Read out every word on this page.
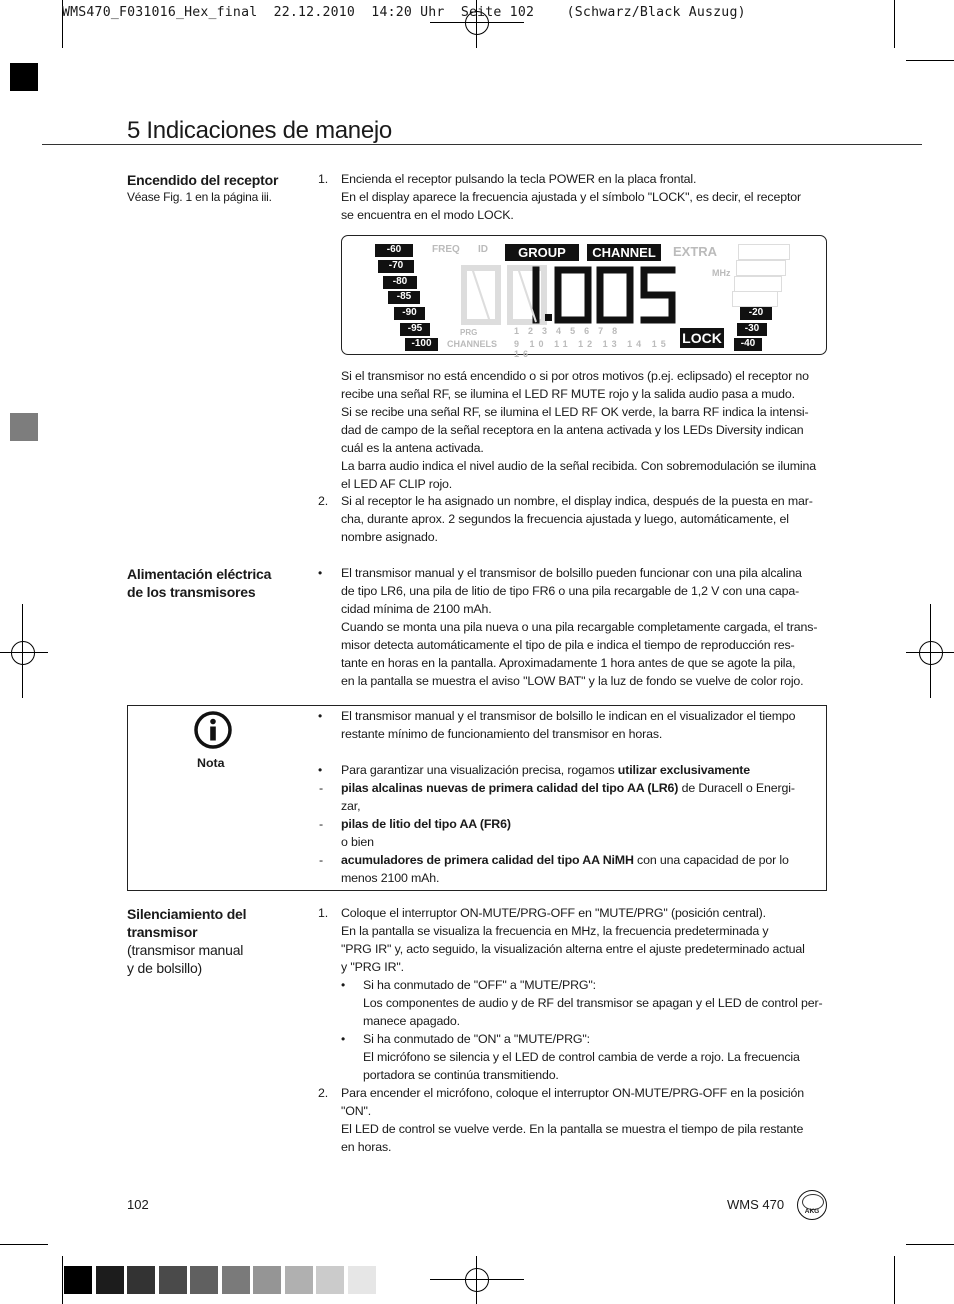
WMS470_F031016_Hex_final  22.12.2010  14:20 Uhr  Seite 102    (Schwarz/Black Auszug)
5 Indicaciones de manejo
Encendido del receptor
Véase Fig. 1 en la página iii.
1. Encienda el receptor pulsando la tecla POWER en la placa frontal.
En el display aparece la frecuencia ajustada y el símbolo "LOCK", es decir, el receptor
se encuentra en el modo LOCK.
-60
-70
-80
-85
-90
-95
-100
FREQ ID	GROUP	CHANNEL	EXTRA
MHz
PRG
CHANNELS
12345678
9 10 11 12 13 14 15 16
LOCK
-20
-30
-40
Si el transmisor no está encendido o si por otros motivos (p.ej. eclipsado) el receptor no
recibe una señal RF, se ilumina el LED RF MUTE rojo y la salida audio pasa a mudo.
Si se recibe una señal RF, se ilumina el LED RF OK verde, la barra RF indica la intensi-
dad de campo de la señal receptora en la antena activada y los LEDs Diversity indican
cuál es la antena activada.
La barra audio indica el nivel audio de la señal recibida. Con sobremodulación se ilumina
el LED AF CLIP rojo.
2. Si al receptor le ha asignado un nombre, el display indica, después de la puesta en mar-
cha, durante aprox. 2 segundos la frecuencia ajustada y luego, automáticamente, el
nombre asignado.
Alimentación eléctrica
de los transmisores
• El transmisor manual y el transmisor de bolsillo pueden funcionar con una pila alcalina
de tipo LR6, una pila de litio de tipo FR6 o una pila recargable de 1,2 V con una capa-
cidad mínima de 2100 mAh.
Cuando se monta una pila nueva o una pila recargable completamente cargada, el trans-
misor detecta automáticamente el tipo de pila e indica el tiempo de reproducción res-
tante en horas en la pantalla. Aproximadamente 1 hora antes de que se agote la pila,
en la pantalla se muestra el aviso "LOW BAT" y la luz de fondo se vuelve de color rojo.
Nota
• El transmisor manual y el transmisor de bolsillo le indican en el visualizador el tiempo
restante mínimo de funcionamiento del transmisor en horas.
• Para garantizar una visualización precisa, rogamos utilizar exclusivamente
- pilas alcalinas nuevas de primera calidad del tipo AA (LR6) de Duracell o Energi-
zar,
- pilas de litio del tipo AA (FR6)
o bien
- acumuladores de primera calidad del tipo AA NiMH con una capacidad de por lo
menos 2100 mAh.
Silenciamiento del
transmisor
(transmisor manual
y de bolsillo)
1. Coloque el interruptor ON-MUTE/PRG-OFF en "MUTE/PRG" (posición central).
En la pantalla se visualiza la frecuencia en MHz, la frecuencia predeterminada y
"PRG IR" y, acto seguido, la visualización alterna entre el ajuste predeterminado actual
y "PRG IR".
• Si ha conmutado de "OFF" a "MUTE/PRG":
Los componentes de audio y de RF del transmisor se apagan y el LED de control per-
manece apagado.
• Si ha conmutado de "ON" a "MUTE/PRG":
El micrófono se silencia y el LED de control cambia de verde a rojo. La frecuencia
portadora se continúa transmitiendo.
2. Para encender el micrófono, coloque el interruptor ON-MUTE/PRG-OFF en la posición
"ON".
El LED de control se vuelve verde. En la pantalla se muestra el tiempo de pila restante
en horas.
102	WMS 470	AKG
